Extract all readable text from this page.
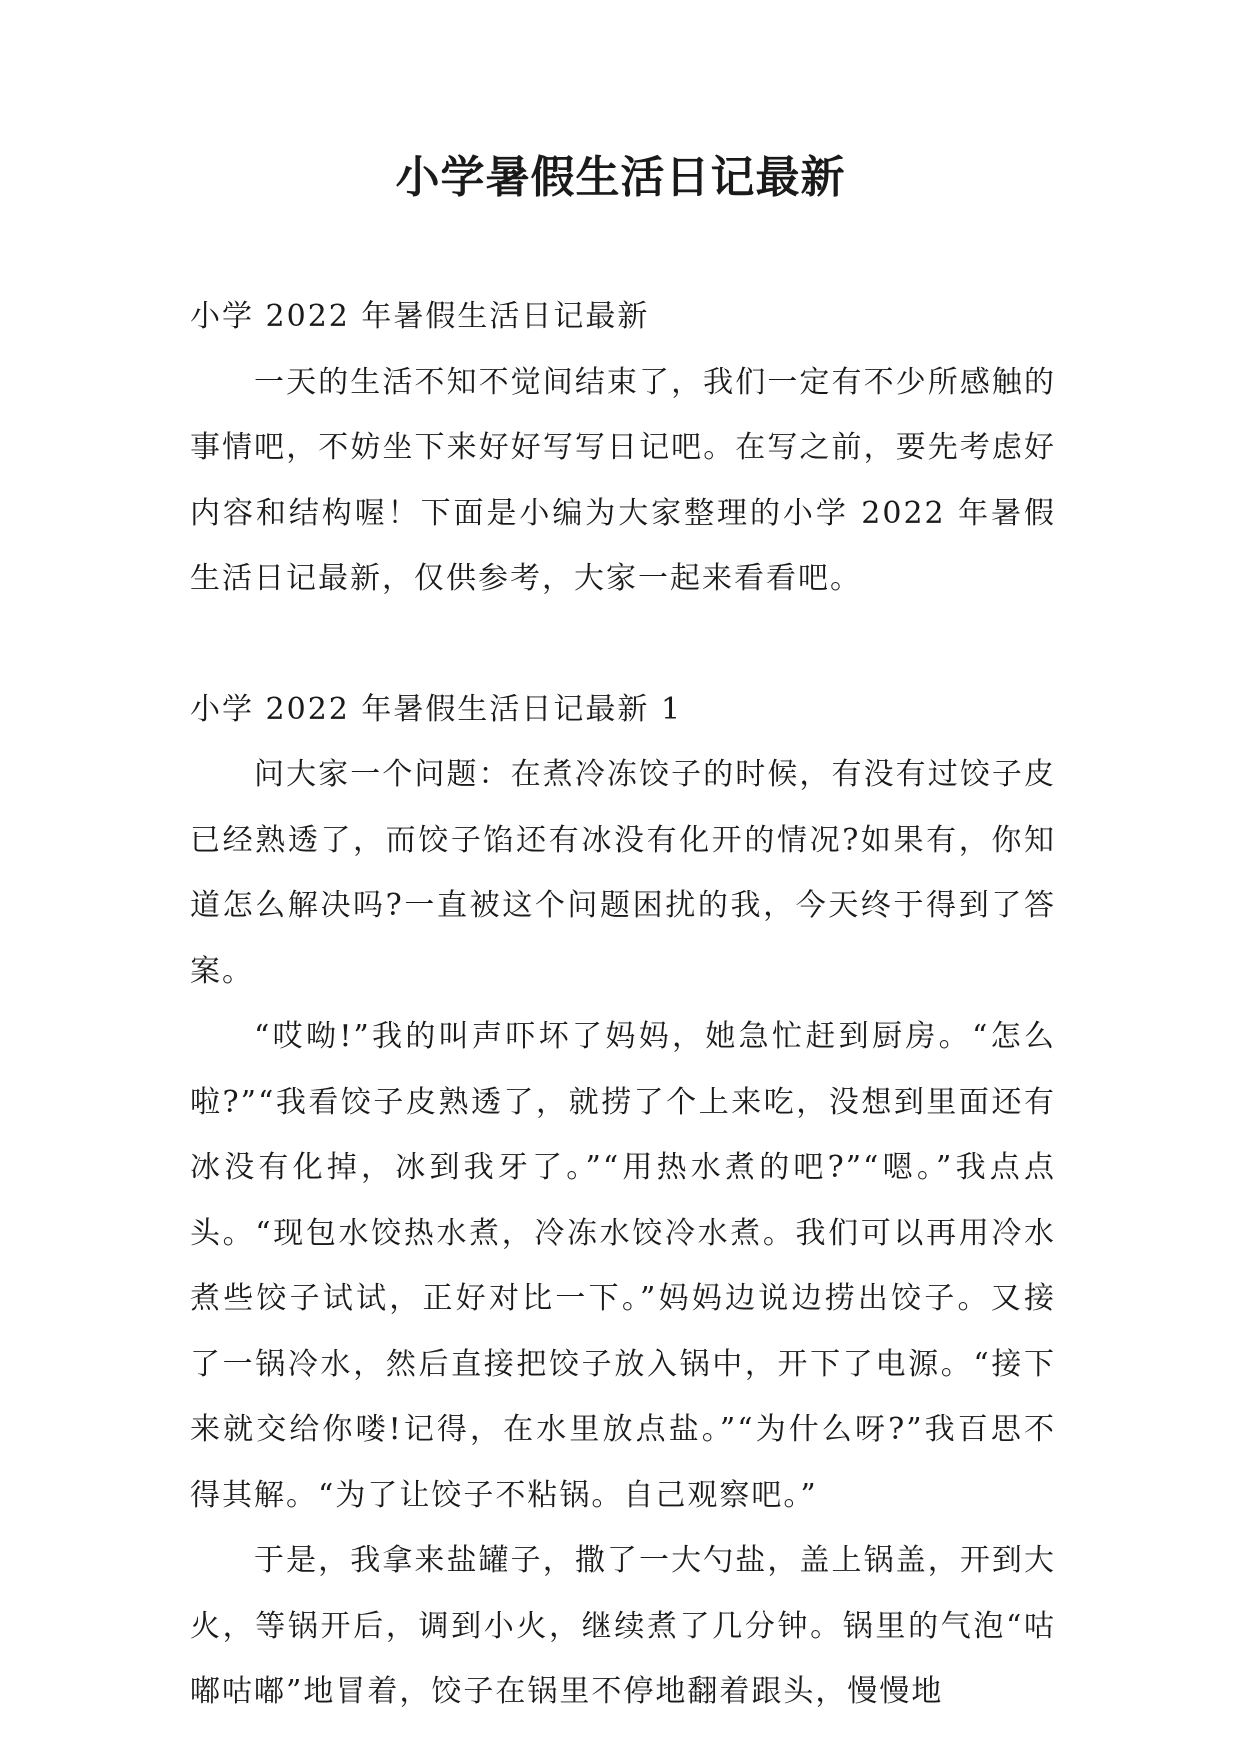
小学暑假生活日记最新

小学 2022 年暑假生活日记最新

一天的生活不知不觉间结束了，我们一定有不少所感触的事情吧，不妨坐下来好好写写日记吧。在写之前，要先考虑好内容和结构喔！下面是小编为大家整理的小学 2022 年暑假生活日记最新，仅供参考，大家一起来看看吧。

小学 2022 年暑假生活日记最新 1

问大家一个问题：在煮冷冻饺子的时候，有没有过饺子皮已经熟透了，而饺子馅还有冰没有化开的情况?如果有，你知道怎么解决吗?一直被这个问题困扰的我，今天终于得到了答案。

“哎呦!”我的叫声吓坏了妈妈，她急忙赶到厨房。“怎么啦?”“我看饺子皮熟透了，就捞了个上来吃，没想到里面还有冰没有化掉，冰到我牙了。”“用热水煮的吧?”“嗯。”我点点头。“现包水饺热水煮，冷冻水饺冷水煮。我们可以再用冷水煮些饺子试试，正好对比一下。”妈妈边说边捞出饺子。又接了一锅冷水，然后直接把饺子放入锅中，开下了电源。“接下来就交给你喽!记得，在水里放点盐。”“为什么呀?”我百思不得其解。“为了让饺子不粘锅。自己观察吧。”

于是，我拿来盐罐子，撒了一大勺盐，盖上锅盖，开到大火，等锅开后，调到小火，继续煮了几分钟。锅里的气泡“咕嘟咕嘟”地冒着，饺子在锅里不停地翻着跟头，慢慢地
